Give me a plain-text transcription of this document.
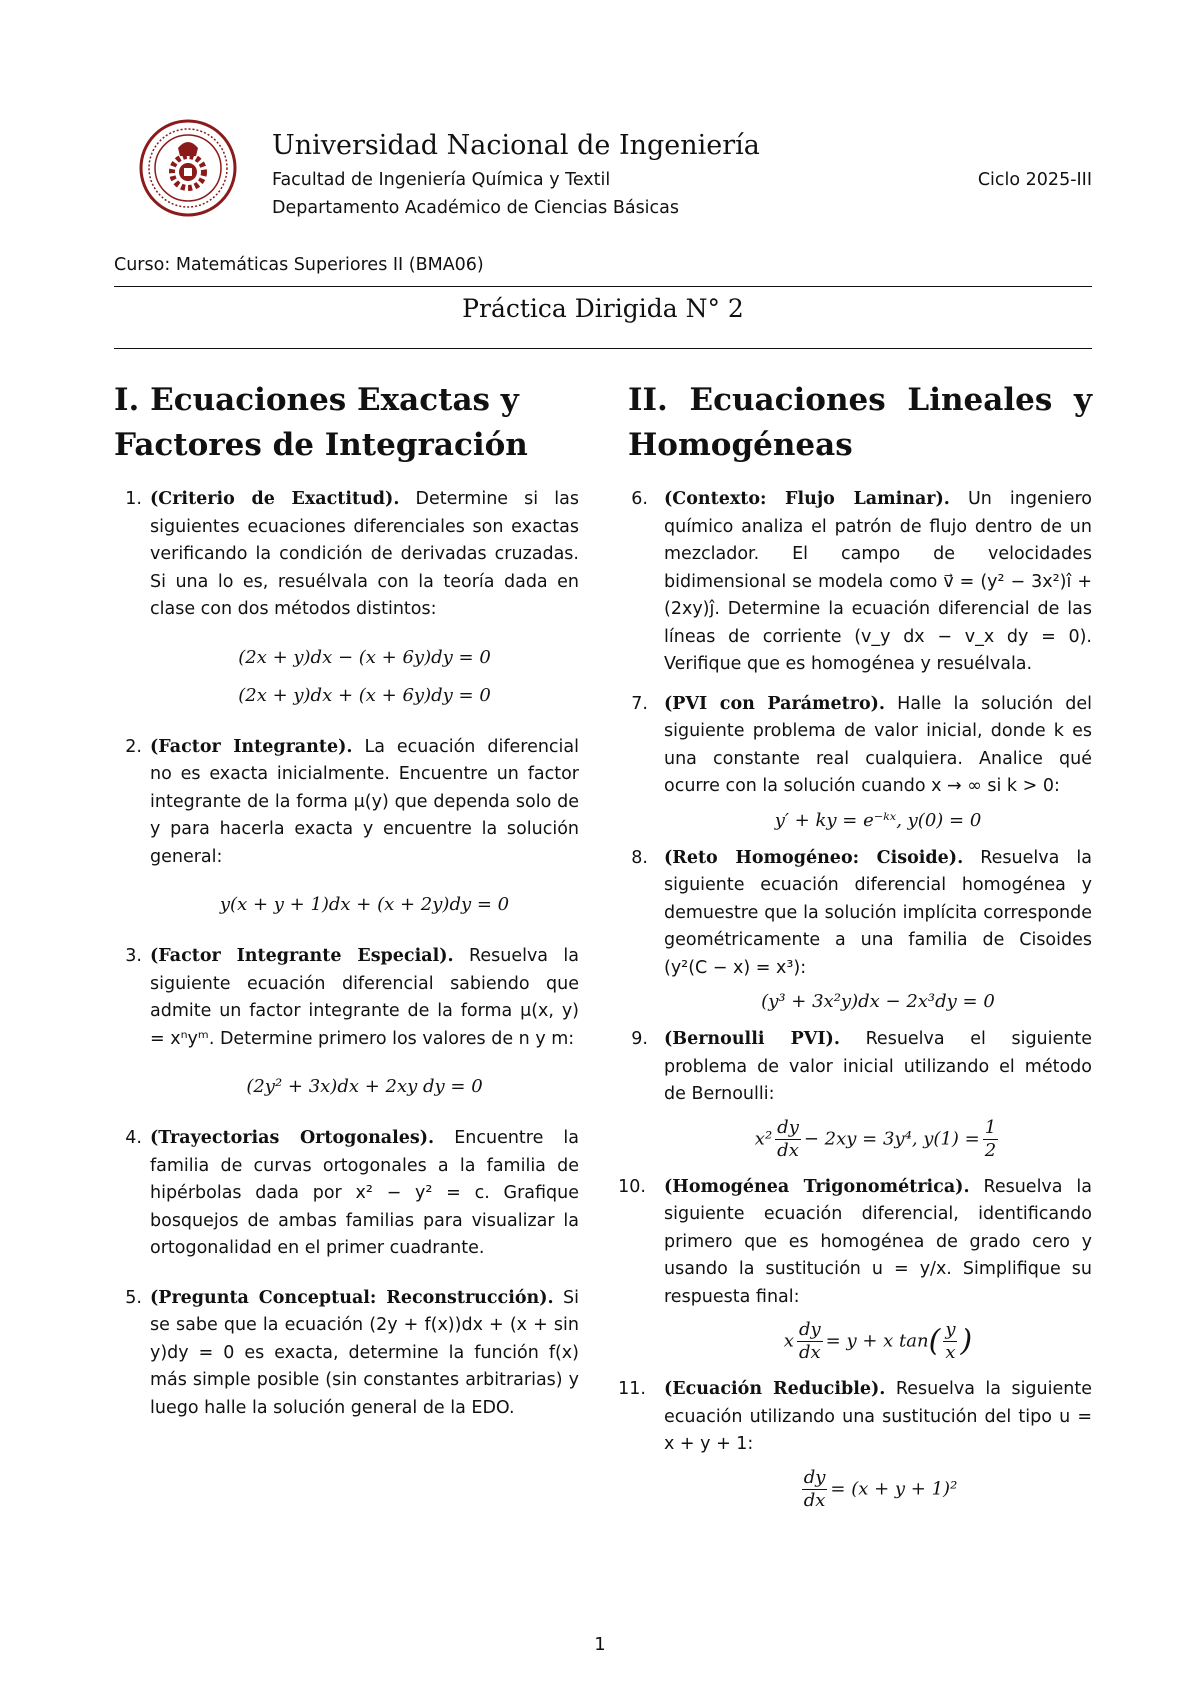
Universidad Nacional de Ingeniería
Facultad de Ingeniería Química y Textil	Ciclo 2025-III
Departamento Académico de Ciencias Básicas
Curso: Matemáticas Superiores II (BMA06)
Práctica Dirigida N° 2
I. Ecuaciones Exactas y Factores de Integración
1. (Criterio de Exactitud). Determine si las siguientes ecuaciones diferenciales son exactas verificando la condición de derivadas cruzadas. Si una lo es, resuélvala con la teoría dada en clase con dos métodos distintos:
(2x + y)dx − (x + 6y)dy = 0
(2x + y)dx + (x + 6y)dy = 0
2. (Factor Integrante). La ecuación diferencial no es exacta inicialmente. Encuentre un factor integrante de la forma μ(y) que dependa solo de y para hacerla exacta y encuentre la solución general:
y(x + y + 1)dx + (x + 2y)dy = 0
3. (Factor Integrante Especial). Resuelva la siguiente ecuación diferencial sabiendo que admite un factor integrante de la forma μ(x, y) = xⁿyᵐ. Determine primero los valores de n y m:
(2y² + 3x)dx + 2xy dy = 0
4. (Trayectorias Ortogonales). Encuentre la familia de curvas ortogonales a la familia de hipérbolas dada por x² − y² = c. Grafique bosquejos de ambas familias para visualizar la ortogonalidad en el primer cuadrante.
5. (Pregunta Conceptual: Reconstrucción). Si se sabe que la ecuación (2y + f(x))dx + (x + sin y)dy = 0 es exacta, determine la función f(x) más simple posible (sin constantes arbitrarias) y luego halle la solución general de la EDO.
II. Ecuaciones Lineales y Homogéneas
6. (Contexto: Flujo Laminar). Un ingeniero químico analiza el patrón de flujo dentro de un mezclador. El campo de velocidades bidimensional se modela como v⃗ = (y² − 3x²)î + (2xy)ĵ. Determine la ecuación diferencial de las líneas de corriente (v_y dx − v_x dy = 0). Verifique que es homogénea y resuélvala.
7. (PVI con Parámetro). Halle la solución del siguiente problema de valor inicial, donde k es una constante real cualquiera. Analice qué ocurre con la solución cuando x → ∞ si k > 0:
y′ + ky = e⁻ᵏˣ, y(0) = 0
8. (Reto Homogéneo: Cisoide). Resuelva la siguiente ecuación diferencial homogénea y demuestre que la solución implícita corresponde geométricamente a una familia de Cisoides (y²(C − x) = x³):
(y³ + 3x²y)dx − 2x³dy = 0
9. (Bernoulli PVI). Resuelva el siguiente problema de valor inicial utilizando el método de Bernoulli:
$x^2 \frac{dy}{dx} - 2xy = 3y^4$, $y(1) = \frac{1}{2}$
10. (Homogénea Trigonométrica). Resuelva la siguiente ecuación diferencial, identificando primero que es homogénea de grado cero y usando la sustitución u = y/x. Simplifique su respuesta final:
x $\frac{dy}{dx} = y + x$ $\tan( \frac{y}{x}$ )
11. (Ecuación Reducible). Resuelva la siguiente ecuación utilizando una sustitución del tipo u = x + y + 1:
$\frac{dy}{dx} = (x + y + 1)^2$
1
